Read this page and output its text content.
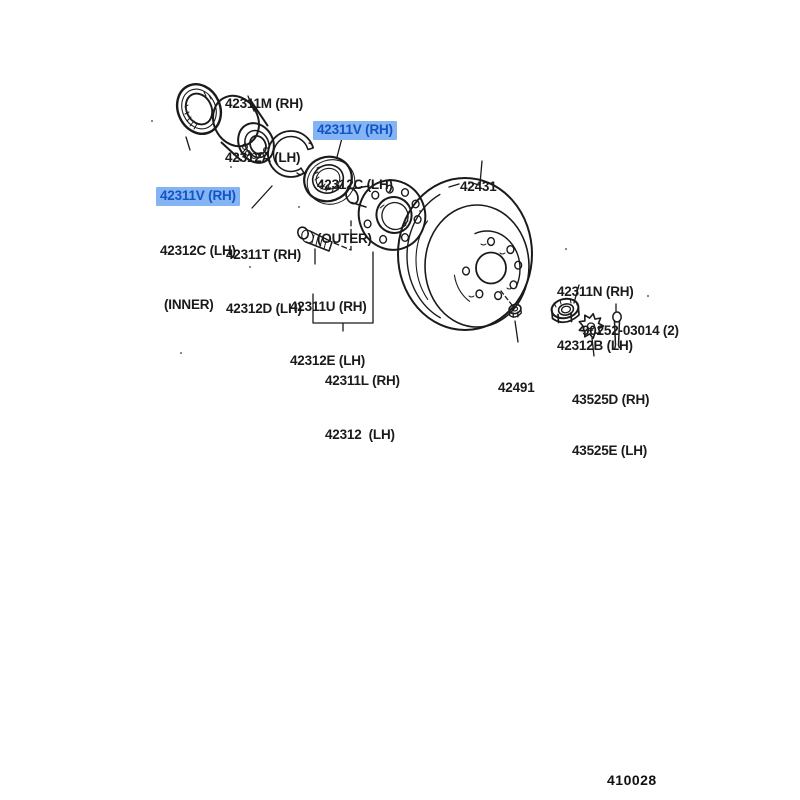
42311M (RH)

42312A (LH)

42311V (RH)

42312C (LH)

(OUTER)

42311V (RH)

42312C (LH)

(INNER)

42311T (RH)

42312D (LH)

42311U (RH)

42312E (LH)

42311L (RH)

42312  (LH)

42431

42491

42311N (RH)

42312B (LH)

90252-03014 (2)

43525D (RH)

43525E (LH)

410028
